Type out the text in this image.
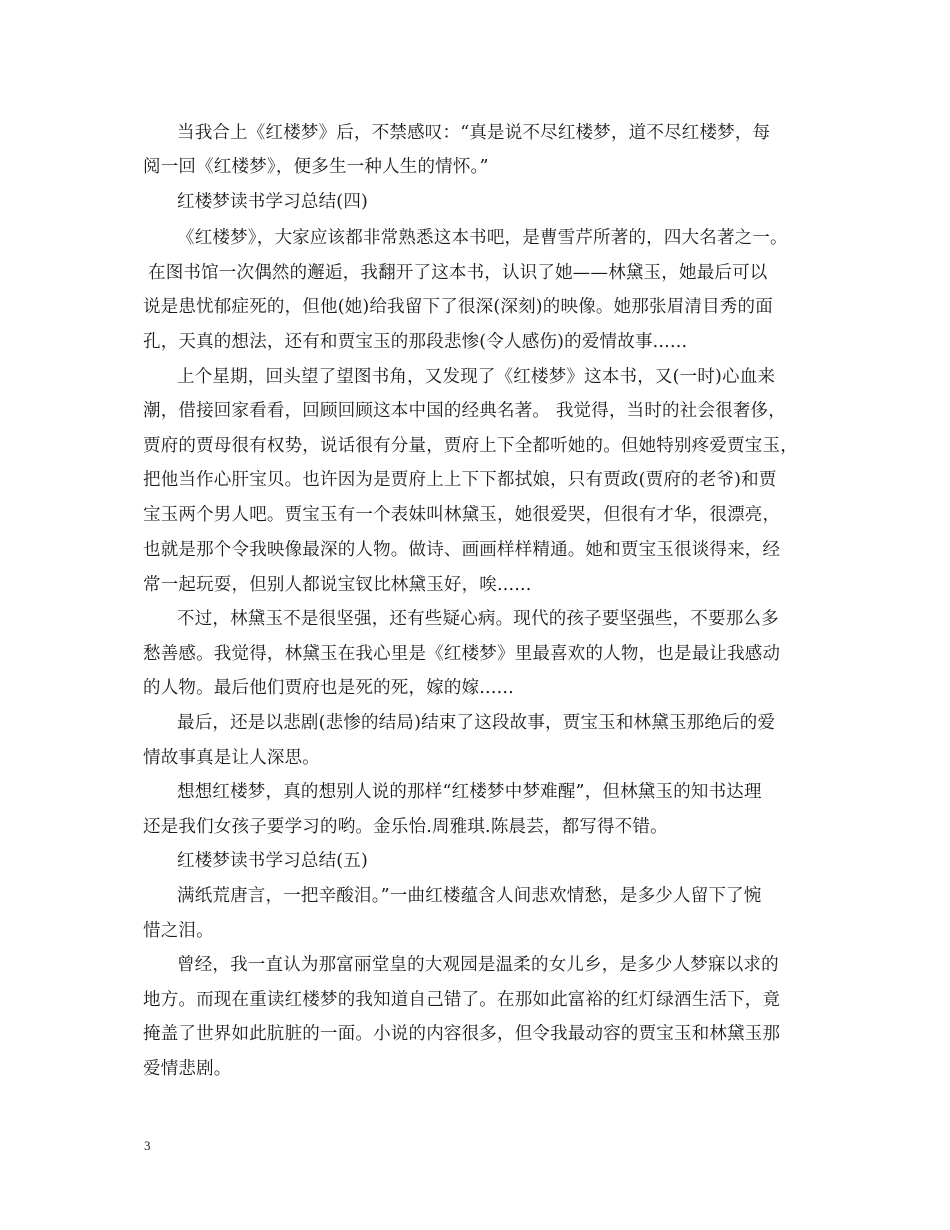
当我合上《红楼梦》后，不禁感叹：“真是说不尽红楼梦，道不尽红楼梦，每
阅一回《红楼梦》，便多生一种人生的情怀。”
红楼梦读书学习总结(四)
《红楼梦》，大家应该都非常熟悉这本书吧，是曹雪芹所著的，四大名著之一。
在图书馆一次偶然的邂逅，我翻开了这本书，认识了她——林黛玉，她最后可以
说是患忧郁症死的，但他(她)给我留下了很深(深刻)的映像。她那张眉清目秀的面
孔，天真的想法，还有和贾宝玉的那段悲惨(令人感伤)的爱情故事......
上个星期，回头望了望图书角，又发现了《红楼梦》这本书，又(一时)心血来
潮，借接回家看看，回顾回顾这本中国的经典名著。 我觉得，当时的社会很奢侈，
贾府的贾母很有权势，说话很有分量，贾府上下全都听她的。但她特别疼爱贾宝玉，
把他当作心肝宝贝。也许因为是贾府上上下下都拭娘，只有贾政(贾府的老爷)和贾
宝玉两个男人吧。贾宝玉有一个表妹叫林黛玉，她很爱哭，但很有才华，很漂亮，
也就是那个令我映像最深的人物。做诗、画画样样精通。她和贾宝玉很谈得来，经
常一起玩耍，但别人都说宝钗比林黛玉好，唉......
不过，林黛玉不是很坚强，还有些疑心病。现代的孩子要坚强些，不要那么多
愁善感。我觉得，林黛玉在我心里是《红楼梦》里最喜欢的人物，也是最让我感动
的人物。最后他们贾府也是死的死，嫁的嫁......
最后，还是以悲剧(悲惨的结局)结束了这段故事，贾宝玉和林黛玉那绝后的爱
情故事真是让人深思。
想想红楼梦，真的想别人说的那样“红楼梦中梦难醒”，但林黛玉的知书达理
还是我们女孩子要学习的哟。金乐怡.周雅琪.陈晨芸，都写得不错。
红楼梦读书学习总结(五)
满纸荒唐言，一把辛酸泪。”一曲红楼蕴含人间悲欢情愁，是多少人留下了惋
惜之泪。
曾经，我一直认为那富丽堂皇的大观园是温柔的女儿乡，是多少人梦寐以求的
地方。而现在重读红楼梦的我知道自己错了。在那如此富裕的红灯绿酒生活下，竟
掩盖了世界如此肮脏的一面。小说的内容很多，但令我最动容的贾宝玉和林黛玉那
爱情悲剧。
3
